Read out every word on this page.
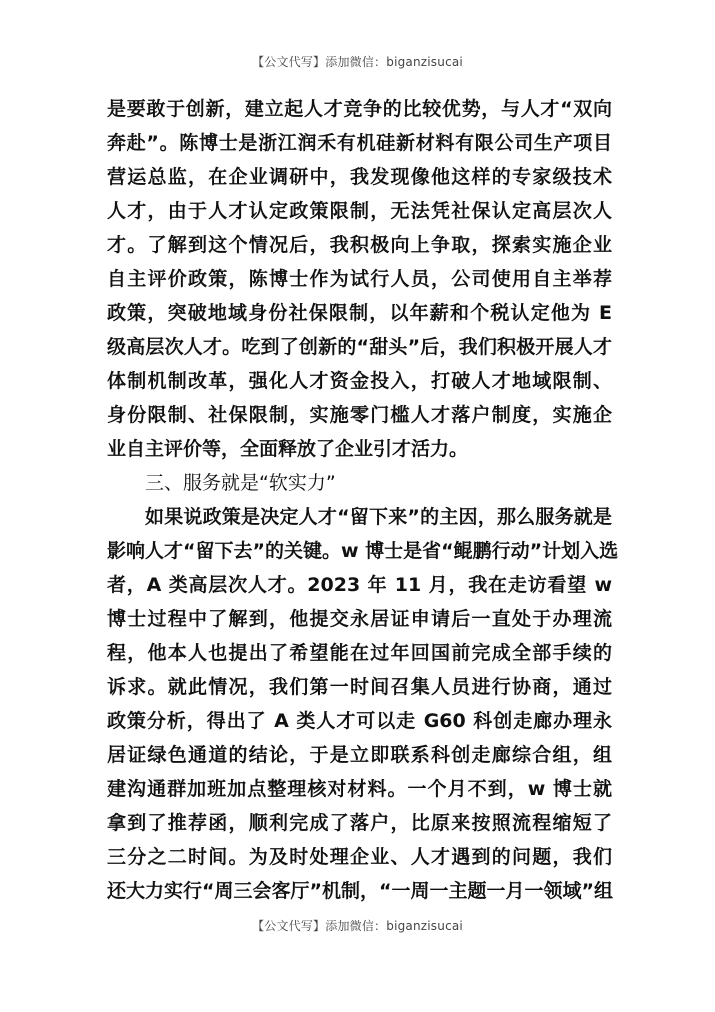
【公文代写】添加微信：biganzisucai
是要敢于创新，建立起人才竞争的比较优势，与人才“双向
奔赴”。陈博士是浙江润禾有机硅新材料有限公司生产项目
营运总监，在企业调研中，我发现像他这样的专家级技术
人才，由于人才认定政策限制，无法凭社保认定高层次人
才。了解到这个情况后，我积极向上争取，探索实施企业
自主评价政策，陈博士作为试行人员，公司使用自主举荐
政策，突破地域身份社保限制，以年薪和个税认定他为 E
级高层次人才。吃到了创新的“甜头”后，我们积极开展人才
体制机制改革，强化人才资金投入，打破人才地域限制、
身份限制、社保限制，实施零门槛人才落户制度，实施企
业自主评价等，全面释放了企业引才活力。
三、服务就是“软实力”
如果说政策是决定人才“留下来”的主因，那么服务就是
影响人才“留下去”的关键。w 博士是省“鲲鹏行动”计划入选
者，A 类高层次人才。2023 年 11 月，我在走访看望 w
博士过程中了解到，他提交永居证申请后一直处于办理流
程，他本人也提出了希望能在过年回国前完成全部手续的
诉求。就此情况，我们第一时间召集人员进行协商，通过
政策分析，得出了 A 类人才可以走 G60 科创走廊办理永
居证绿色通道的结论，于是立即联系科创走廊综合组，组
建沟通群加班加点整理核对材料。一个月不到，w 博士就
拿到了推荐函，顺利完成了落户，比原来按照流程缩短了
三分之二时间。为及时处理企业、人才遇到的问题，我们
还大力实行“周三会客厅”机制，“一周一主题一月一领域”组
【公文代写】添加微信：biganzisucai
